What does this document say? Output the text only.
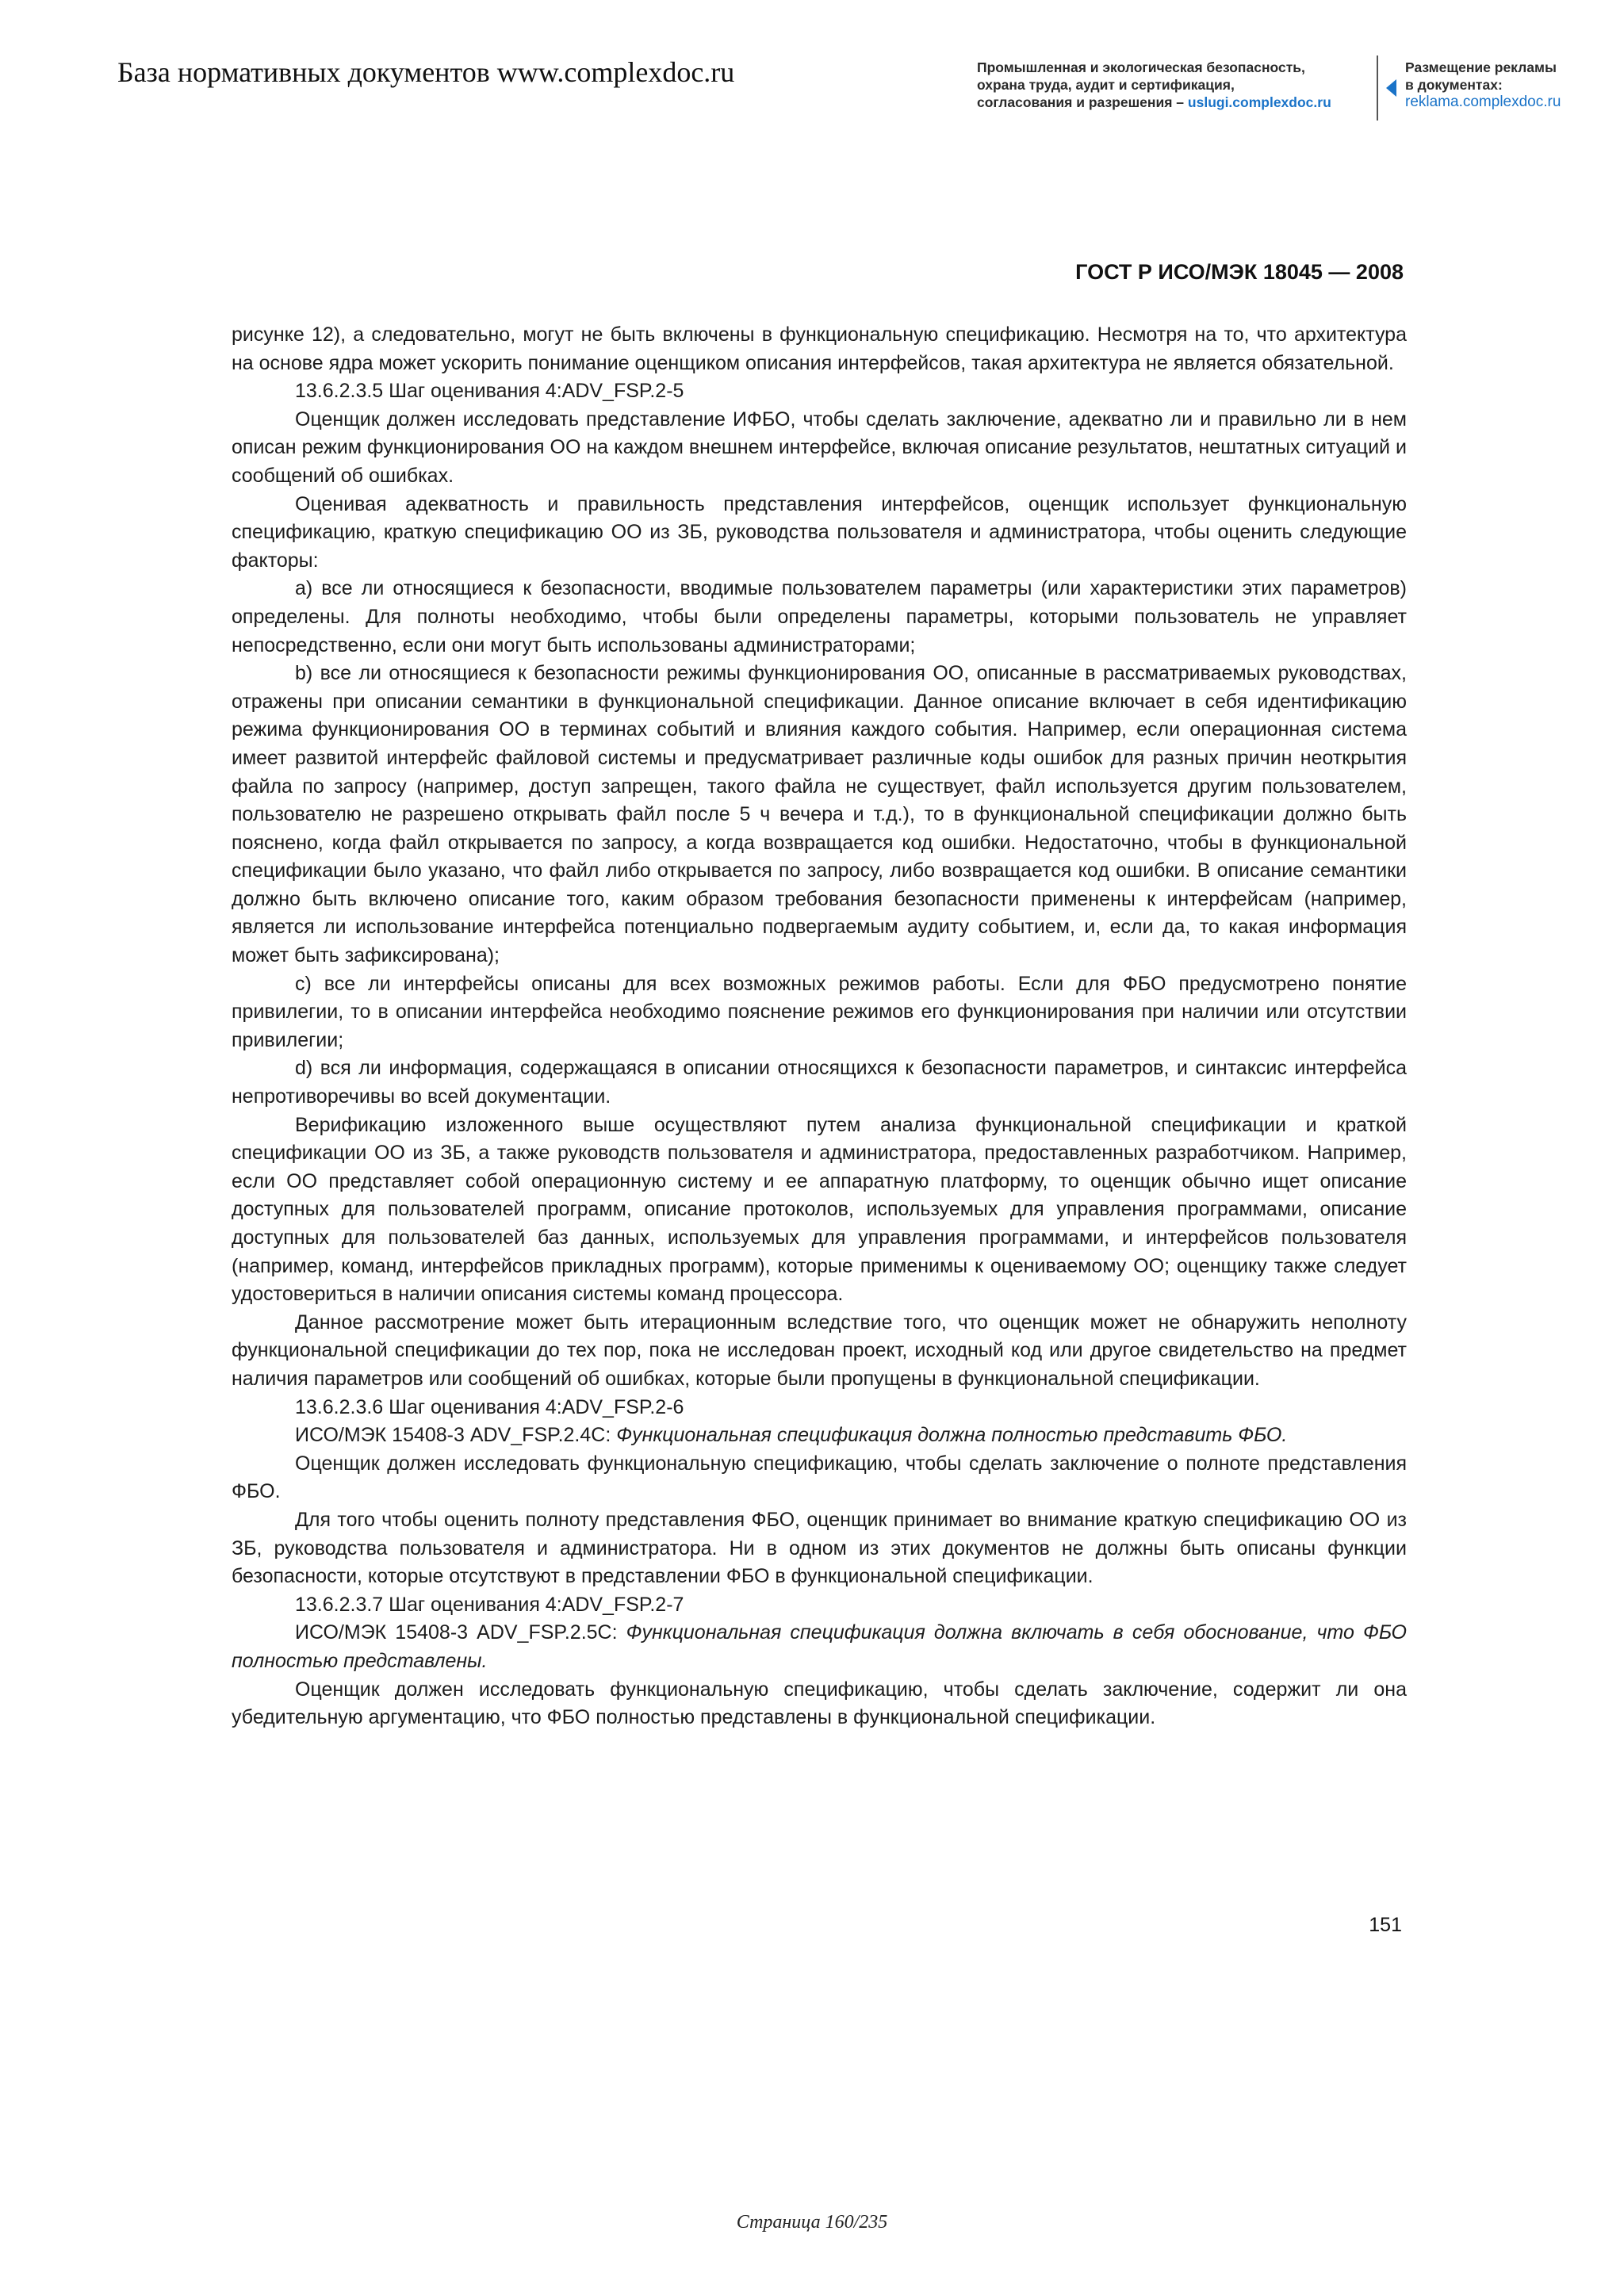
База нормативных документов www.complexdoc.ru	Промышленная и экологическая безопасность,
охрана труда, аудит и сертификация,
согласования и разрешения – uslugi.complexdoc.ru
Размещение рекламы
в документах:
reklama.complexdoc.ru
ГОСТ Р ИСО/МЭК 18045 — 2008

рисунке 12), а следовательно, могут не быть включены в функциональную спецификацию. Несмотря на то, что архитектура на основе ядра может ускорить понимание оценщиком описания интерфейсов, такая архитектура не является обязательной.

13.6.2.3.5 Шаг оценивания 4:ADV_FSP.2-5

Оценщик должен исследовать представление ИФБО, чтобы сделать заключение, адекватно ли и правильно ли в нем описан режим функционирования ОО на каждом внешнем интерфейсе, включая описание результатов, нештатных ситуаций и сообщений об ошибках.

Оценивая адекватность и правильность представления интерфейсов, оценщик использует функциональную спецификацию, краткую спецификацию ОО из ЗБ, руководства пользователя и администратора, чтобы оценить следующие факторы:

a) все ли относящиеся к безопасности, вводимые пользователем параметры (или характеристики этих параметров) определены. Для полноты необходимо, чтобы были определены параметры, которыми пользователь не управляет непосредственно, если они могут быть использованы администраторами;

b) все ли относящиеся к безопасности режимы функционирования ОО, описанные в рассматриваемых руководствах, отражены при описании семантики в функциональной спецификации. Данное описание включает в себя идентификацию режима функционирования ОО в терминах событий и влияния каждого события. Например, если операционная система имеет развитой интерфейс файловой системы и предусматривает различные коды ошибок для разных причин неоткрытия файла по запросу (например, доступ запрещен, такого файла не существует, файл используется другим пользователем, пользователю не разрешено открывать файл после 5 ч вечера и т.д.), то в функциональной спецификации должно быть пояснено, когда файл открывается по запросу, а когда возвращается код ошибки. Недостаточно, чтобы в функциональной спецификации было указано, что файл либо открывается по запросу, либо возвращается код ошибки. В описание семантики должно быть включено описание того, каким образом требования безопасности применены к интерфейсам (например, является ли использование интерфейса потенциально подвергаемым аудиту событием, и, если да, то какая информация может быть зафиксирована);

c) все ли интерфейсы описаны для всех возможных режимов работы. Если для ФБО предусмотрено понятие привилегии, то в описании интерфейса необходимо пояснение режимов его функционирования при наличии или отсутствии привилегии;

d) вся ли информация, содержащаяся в описании относящихся к безопасности параметров, и синтаксис интерфейса непротиворечивы во всей документации.

Верификацию изложенного выше осуществляют путем анализа функциональной спецификации и краткой спецификации ОО из ЗБ, а также руководств пользователя и администратора, предоставленных разработчиком. Например, если ОО представляет собой операционную систему и ее аппаратную платформу, то оценщик обычно ищет описание доступных для пользователей программ, описание протоколов, используемых для управления программами, описание доступных для пользователей баз данных, используемых для управления программами, и интерфейсов пользователя (например, команд, интерфейсов прикладных программ), которые применимы к оцениваемому ОО; оценщику также следует удостовериться в наличии описания системы команд процессора.

Данное рассмотрение может быть итерационным вследствие того, что оценщик может не обнаружить неполноту функциональной спецификации до тех пор, пока не исследован проект, исходный код или другое свидетельство на предмет наличия параметров или сообщений об ошибках, которые были пропущены в функциональной спецификации.

13.6.2.3.6 Шаг оценивания 4:ADV_FSP.2-6

ИСО/МЭК 15408-3 ADV_FSP.2.4C: Функциональная спецификация должна полностью представить ФБО.

Оценщик должен исследовать функциональную спецификацию, чтобы сделать заключение о полноте представления ФБО.

Для того чтобы оценить полноту представления ФБО, оценщик принимает во внимание краткую спецификацию ОО из ЗБ, руководства пользователя и администратора. Ни в одном из этих документов не должны быть описаны функции безопасности, которые отсутствуют в представлении ФБО в функциональной спецификации.

13.6.2.3.7 Шаг оценивания 4:ADV_FSP.2-7

ИСО/МЭК 15408-3 ADV_FSP.2.5C: Функциональная спецификация должна включать в себя обоснование, что ФБО полностью представлены.

Оценщик должен исследовать функциональную спецификацию, чтобы сделать заключение, содержит ли она убедительную аргументацию, что ФБО полностью представлены в функциональной спецификации.

151
Страница 160/235
